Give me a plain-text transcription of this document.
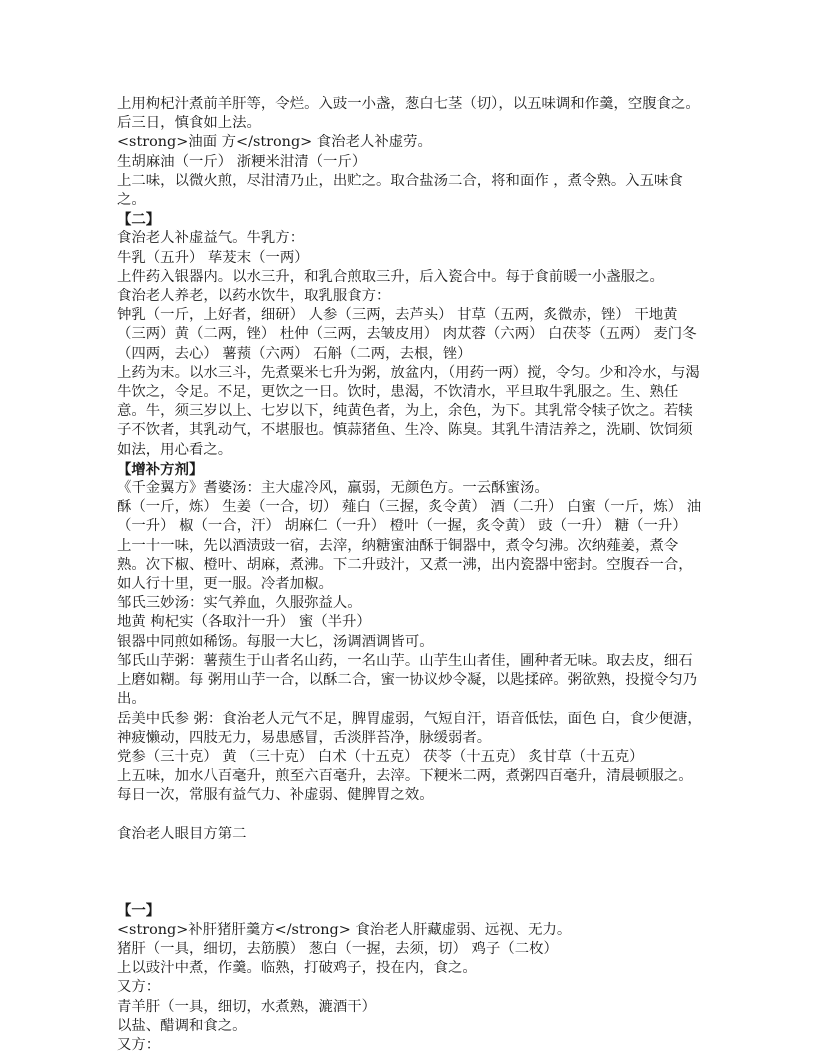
上用枸杞汁煮前羊肝等，令烂。入豉一小盏，葱白七茎（切），以五味调和作羹，空腹食之。后三日，慎食如上法。

<strong>油面 方</strong> 食治老人补虚劳。

生胡麻油（一斤） 浙粳米泔清（一斤）

上二味，以微火煎，尽泔清乃止，出贮之。取合盐汤二合，将和面作 ，煮令熟。入五味食之。

【二】

食治老人补虚益气。牛乳方：

牛乳（五升） 荜茇末（一两）

上件药入银器内。以水三升，和乳合煎取三升，后入瓷合中。每于食前暖一小盏服之。

食治老人养老，以药水饮牛，取乳服食方：

钟乳（一斤，上好者，细研） 人参（三两，去芦头） 甘草（五两，炙微赤，锉） 干地黄（三两）黄（二两，锉） 杜仲（三两，去皱皮用） 肉苁蓉（六两） 白茯苓（五两） 麦门冬（四两，去心） 薯蓣（六两） 石斛（二两，去根，锉）

上药为末。以水三斗，先煮粟米七升为粥，放盆内，（用药一两）搅，令匀。少和冷水，与渴牛饮之，令足。不足，更饮之一日。饮时，患渴，不饮清水，平旦取牛乳服之。生、熟任意。牛，须三岁以上、七岁以下，纯黄色者，为上，余色，为下。其乳常令犊子饮之。若犊子不饮者，其乳动气，不堪服也。慎蒜猪鱼、生冷、陈臭。其乳牛清洁养之，洗刷、饮饲须如法，用心看之。

【增补方剂】

《千金翼方》耆婆汤：主大虚冷风，羸弱，无颜色方。一云酥蜜汤。

酥（一斤，炼） 生姜（一合，切） 薤白（三握，炙令黄） 酒（二升） 白蜜（一斤，炼） 油（一升） 椒（一合，汗） 胡麻仁（一升） 橙叶（一握，炙令黄） 豉（一升） 糖（一升）

上一十一味，先以酒渍豉一宿，去滓，纳糖蜜油酥于铜器中，煮令匀沸。次纳薤姜，煮令熟。次下椒、橙叶、胡麻，煮沸。下二升豉汁，又煮一沸，出内瓷器中密封。空腹吞一合，如人行十里，更一服。冷者加椒。

邹氏三妙汤：实气养血，久服弥益人。

地黄 枸杞实（各取汁一升） 蜜（半升）

银器中同煎如稀饧。每服一大匕，汤调酒调皆可。

邹氏山芋粥：薯蓣生于山者名山药，一名山芋。山芋生山者佳，圃种者无味。取去皮，细石上磨如糊。每 粥用山芋一合，以酥二合，蜜一协议炒令凝，以匙揉碎。粥欲熟，投搅令匀乃出。

岳美中氏参 粥：食治老人元气不足，脾胃虚弱，气短自汗，语音低怯，面色 白，食少便溏，神疲懒动，四肢无力，易患感冒，舌淡胖苔净，脉缓弱者。

党参（三十克） 黄 （三十克） 白术（十五克） 茯苓（十五克） 炙甘草（十五克）

上五味，加水八百毫升，煎至六百毫升，去滓。下粳米二两，煮粥四百毫升，清晨顿服之。每日一次，常服有益气力、补虚弱、健脾胃之效。

食治老人眼目方第二

【一】

<strong>补肝猪肝羹方</strong> 食治老人肝藏虚弱、远视、无力。

猪肝（一具，细切，去筋膜） 葱白（一握，去须，切） 鸡子（二枚）

上以豉汁中煮，作羹。临熟，打破鸡子，投在内，食之。

又方：

青羊肝（一具，细切，水煮熟，漉酒干）

以盐、醋调和食之。

又方：
